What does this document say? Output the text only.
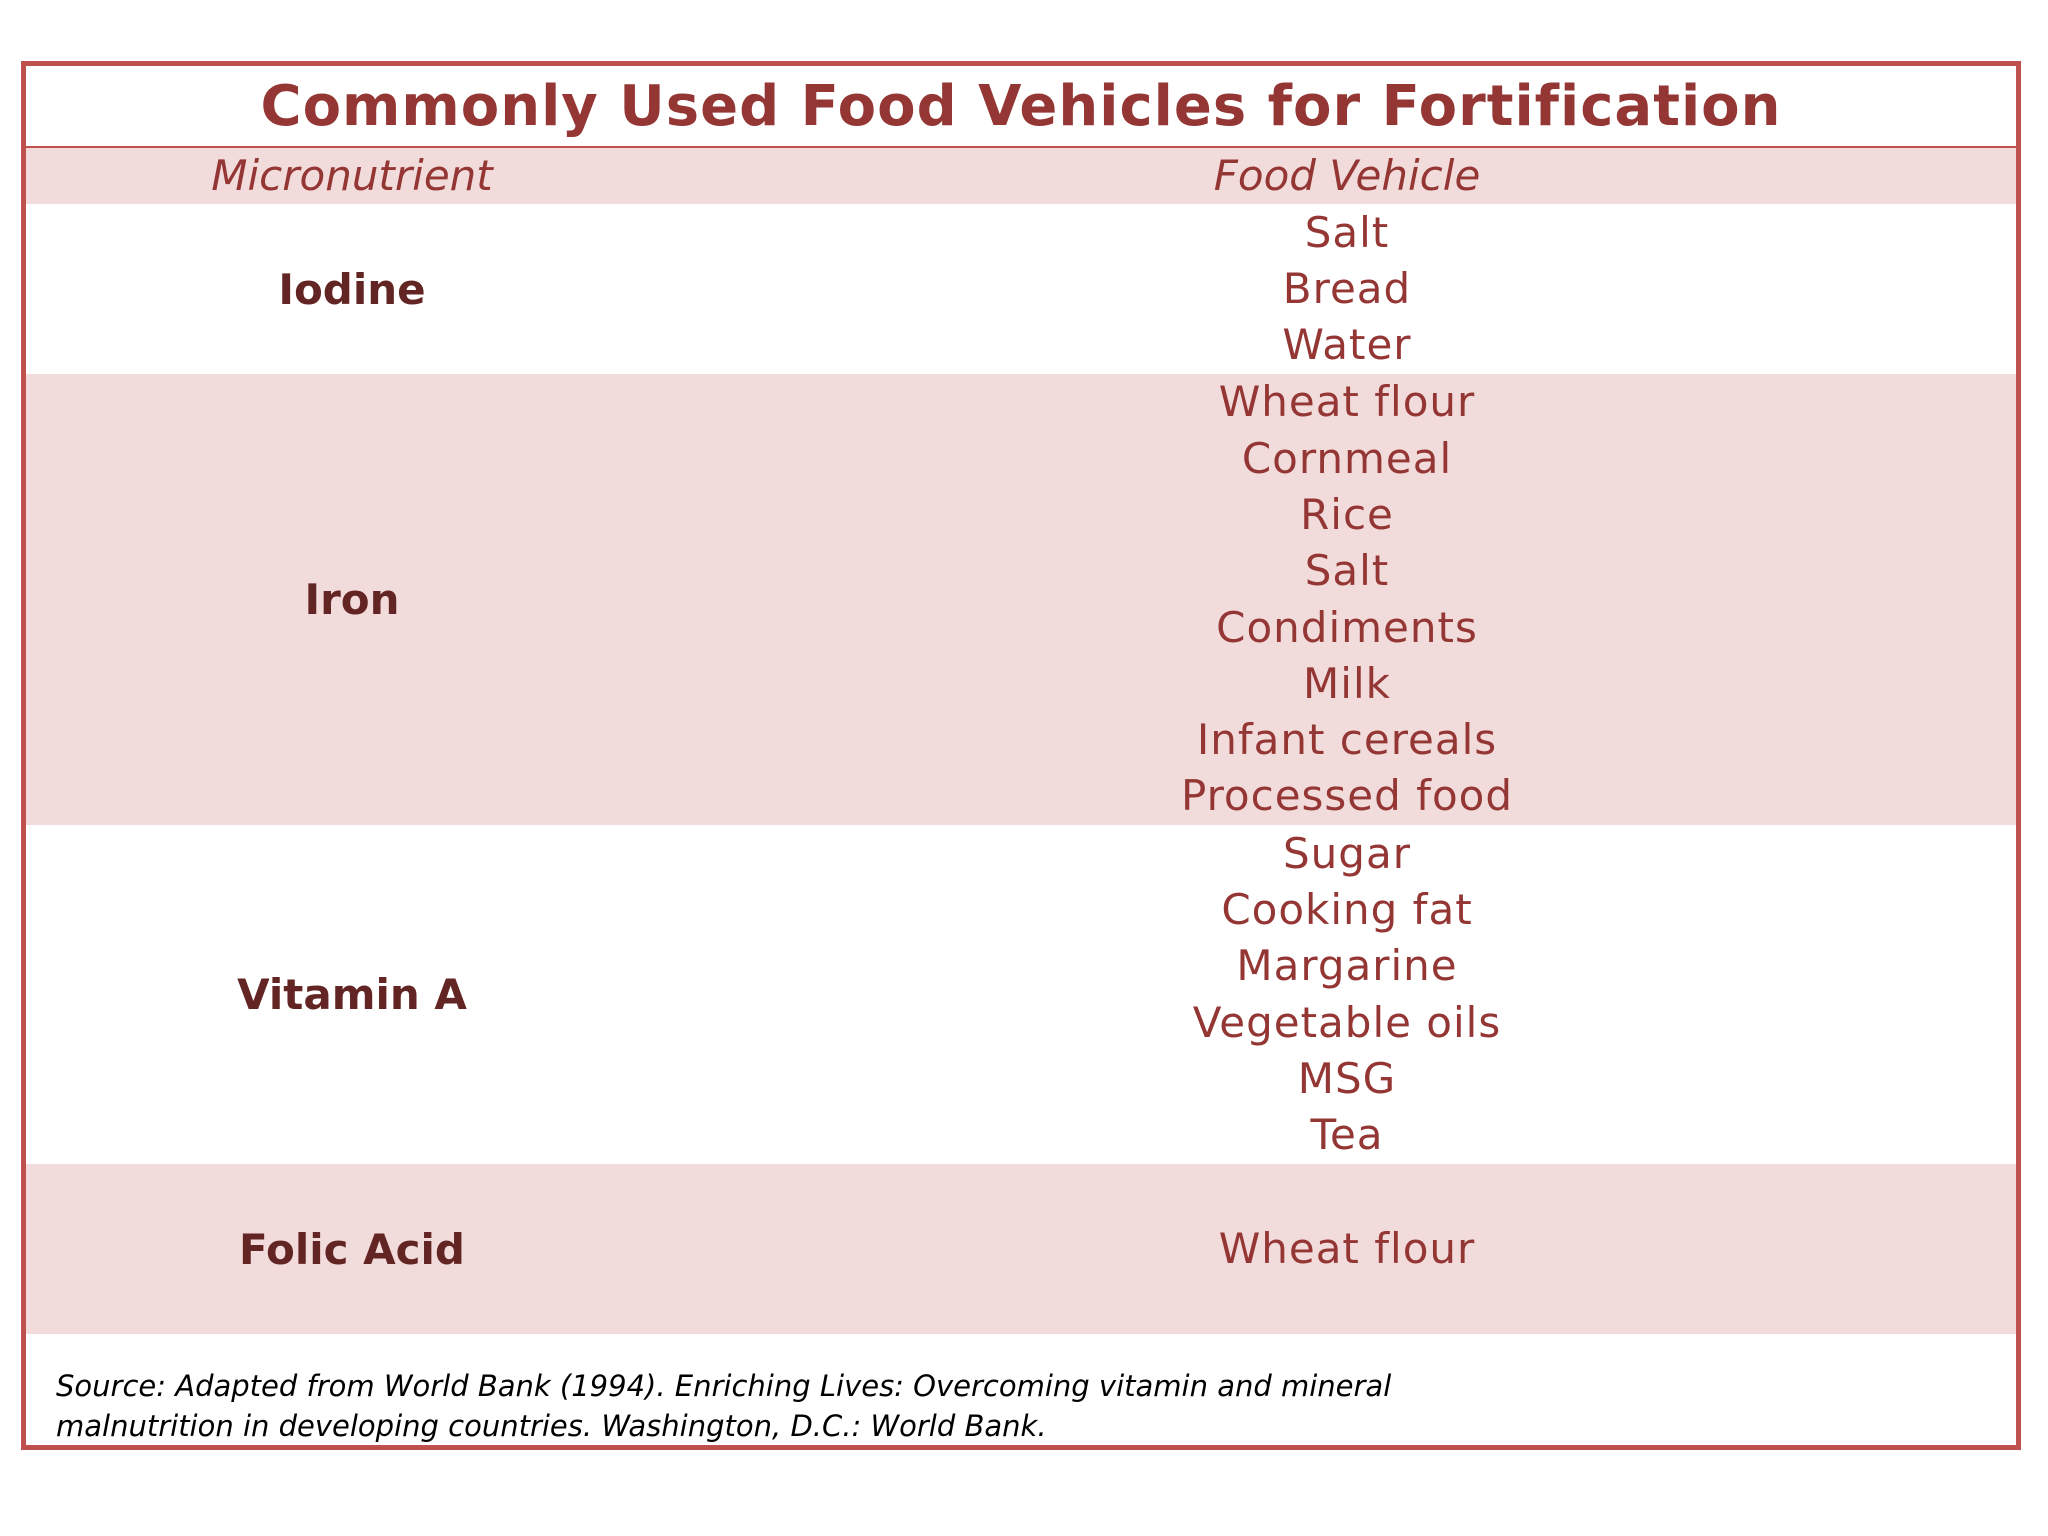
Commonly Used Food Vehicles for Fortification
Micronutrient	Food Vehicle
Iodine
Salt
Bread
Water
Iron
Wheat flour
Cornmeal
Rice
Salt
Condiments
Milk
Infant cereals
Processed food
Vitamin A
Sugar
Cooking fat
Margarine
Vegetable oils
MSG
Tea
Folic Acid	Wheat flour
Source: Adapted from World Bank (1994). Enriching Lives: Overcoming vitamin and mineral
malnutrition in developing countries. Washington, D.C.: World Bank.
